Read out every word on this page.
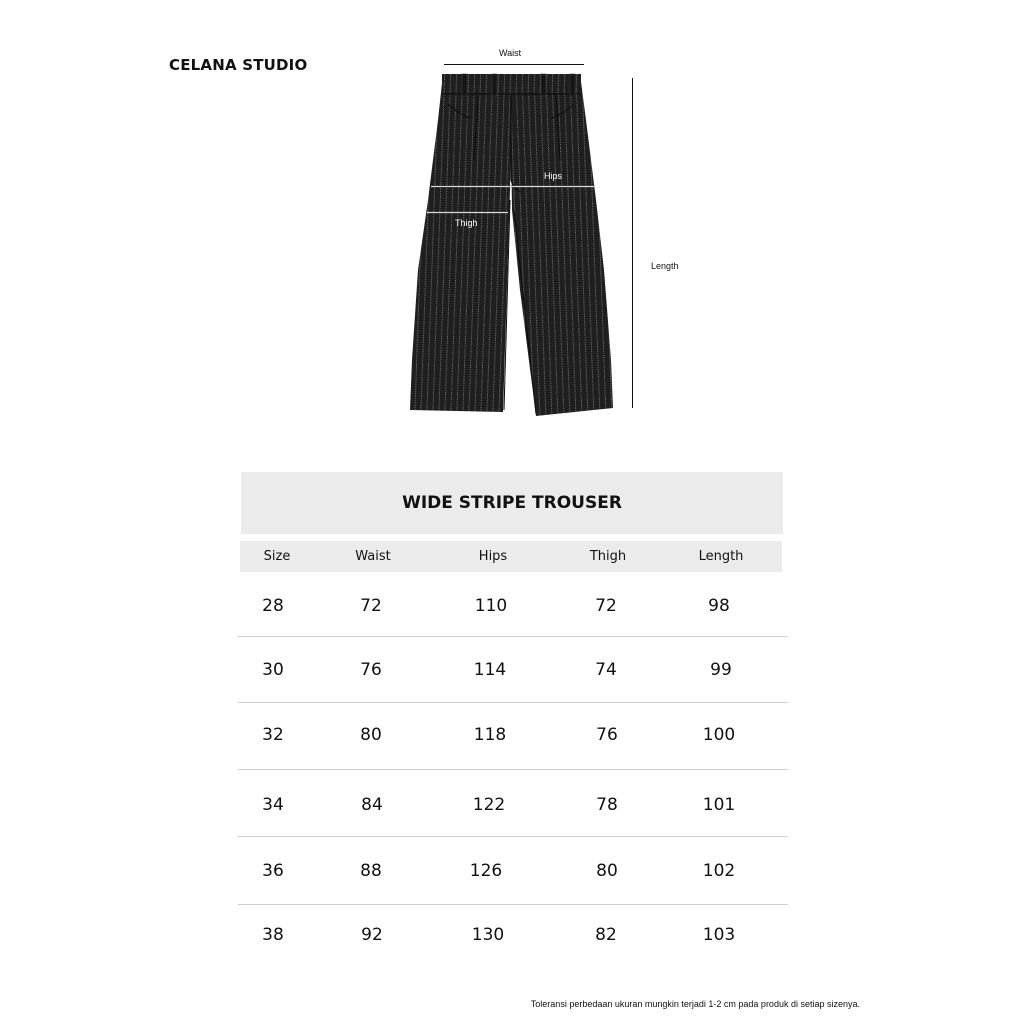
CELANA STUDIO
Waist
Hips
Thigh
Length
WIDE STRIPE TROUSER
Size	Waist	Hips	Thigh	Length
28	72	110	72	98
30	76	114	74	99
32	80	118	76	100
34	84	122	78	101
36	88	126	80	102
38	92	130	82	103
Toleransi perbedaan ukuran mungkin terjadi 1-2 cm pada produk di setiap sizenya.
